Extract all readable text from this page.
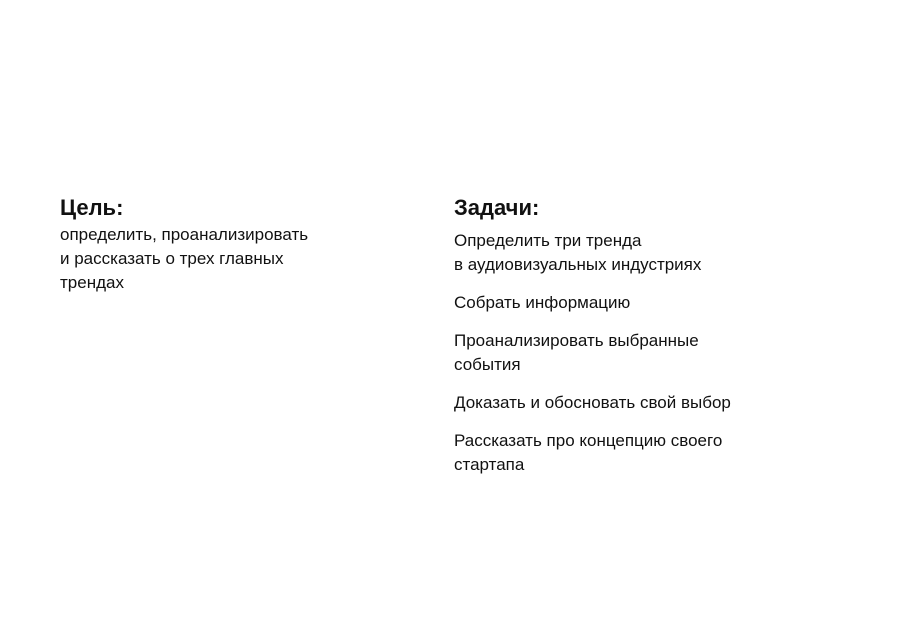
Цель:

определить, проанализировать
и рассказать о трех главных
трендах

Задачи:
Определить три тренда
в аудиовизуальных индустриях
Собрать информацию
Проанализировать выбранные
события
Доказать и обосновать свой выбор
Рассказать про концепцию своего
стартапа
